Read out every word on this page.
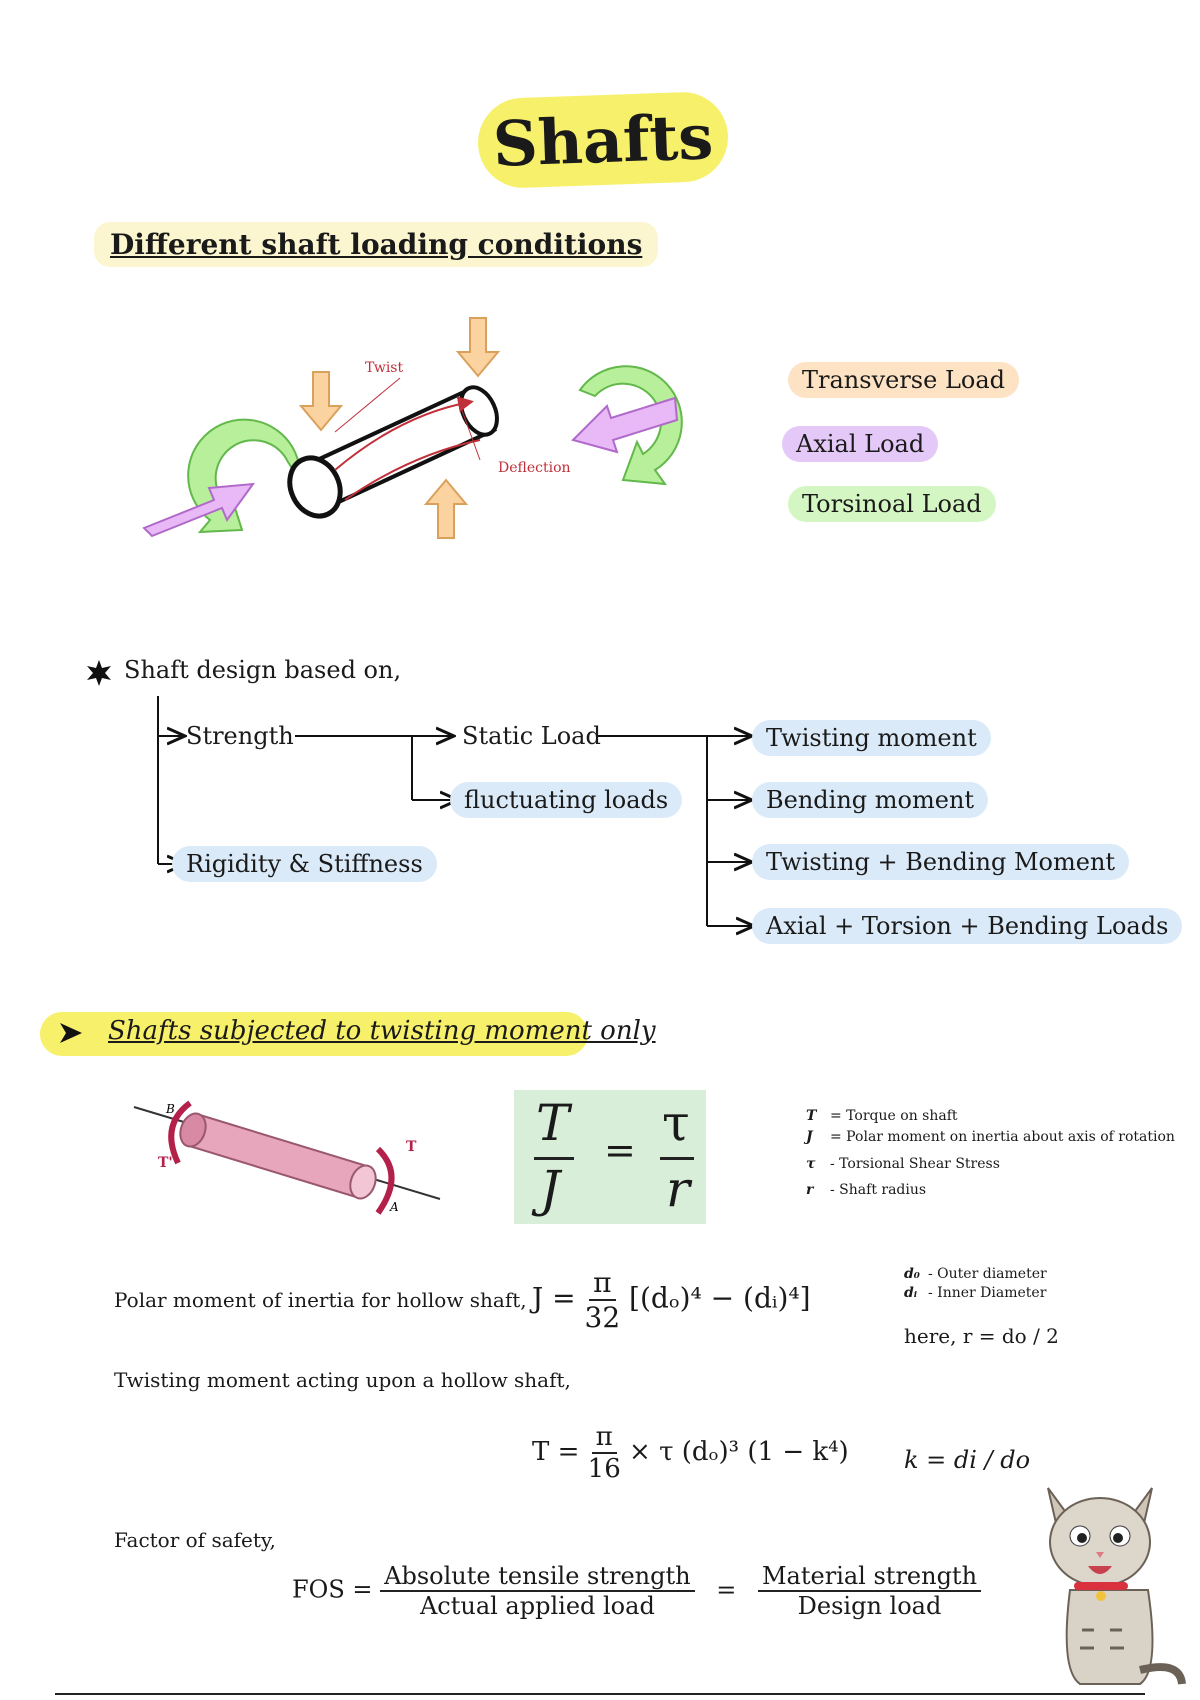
Shafts
Different shaft loading conditions
Twist
Deflection
Transverse Load
Axial Load
Torsinoal Load
Shaft design based on,
Strength
Rigidity & Stiffness
Static Load
fluctuating loads
Twisting moment
Bending moment
Twisting + Bending Moment
Axial + Torsion + Bending Loads
Shafts subjected to twisting moment only
B
A
T'
T T
J
= τ
r
T = Torque on shaft
J = Polar moment on inertia about axis of rotation
τ - Torsional Shear Stress
r - Shaft radius
Polar moment of inertia for hollow shaft, $J = \frac{\pi}{32} [(d_o)^4$ − (dᵢ)⁴]
d₀ - Outer diameter
dᵢ - Inner Diameter
here, r = do / 2
Twisting moment acting upon a hollow shaft,
$T = \frac{\pi}{16} \times \tau$ (dₒ)³ (1 − k⁴) k = di / do
Factor of safety,
FOS = $\frac{\text{Absolute tensile strength}}{\text{Actual applied load}} = \frac{\text{Material strength}}{\text{Design load}}$
